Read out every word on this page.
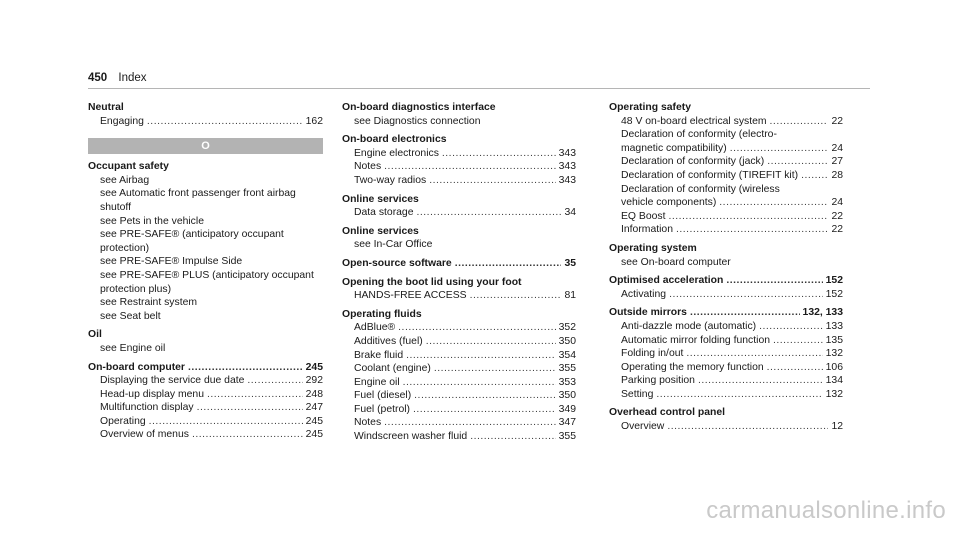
450 Index
Neutral
Engaging .....	162
O
Occupant safety
see Airbag
see Automatic front passenger front airbag shutoff
see Pets in the vehicle
see PRE-SAFE® (anticipatory occupant protection)
see PRE-SAFE® Impulse Side
see PRE-SAFE® PLUS (anticipatory occupant protection plus)
see Restraint system
see Seat belt
Oil
see Engine oil
On-board computer .....	245
Displaying the service due date .....	292
Head-up display menu .....	248
Multifunction display .....	247
Operating .....	245
Overview of menus .....	245
On-board diagnostics interface
see Diagnostics connection
On-board electronics
Engine electronics .....	343
Notes .....	343
Two-way radios .....	343
Online services
Data storage .....	34
Online services
see In-Car Office
Open-source software .....	35
Opening the boot lid using your foot
HANDS-FREE ACCESS .....	81
Operating fluids
AdBlue® .....	352
Additives (fuel) .....	350
Brake fluid .....	354
Coolant (engine) .....	355
Engine oil .....	353
Fuel (diesel) .....	350
Fuel (petrol) .....	349
Notes .....	347
Windscreen washer fluid .....	355
Operating safety
48 V on-board electrical system .....	22
Declaration of conformity (electro-
magnetic compatibility) .....	24
Declaration of conformity (jack) .....	27
Declaration of conformity (TIREFIT kit) .....	28
Declaration of conformity (wireless
vehicle components) .....	24
EQ Boost .....	22
Information .....	22
Operating system
see On-board computer
Optimised acceleration .....	152
Activating .....	152
Outside mirrors .....	132, 133
Anti-dazzle mode (automatic) .....	133
Automatic mirror folding function .....	135
Folding in/out .....	132
Operating the memory function .....	106
Parking position .....	134
Setting .....	132
Overhead control panel
Overview .....	12
carmanualsonline.info
